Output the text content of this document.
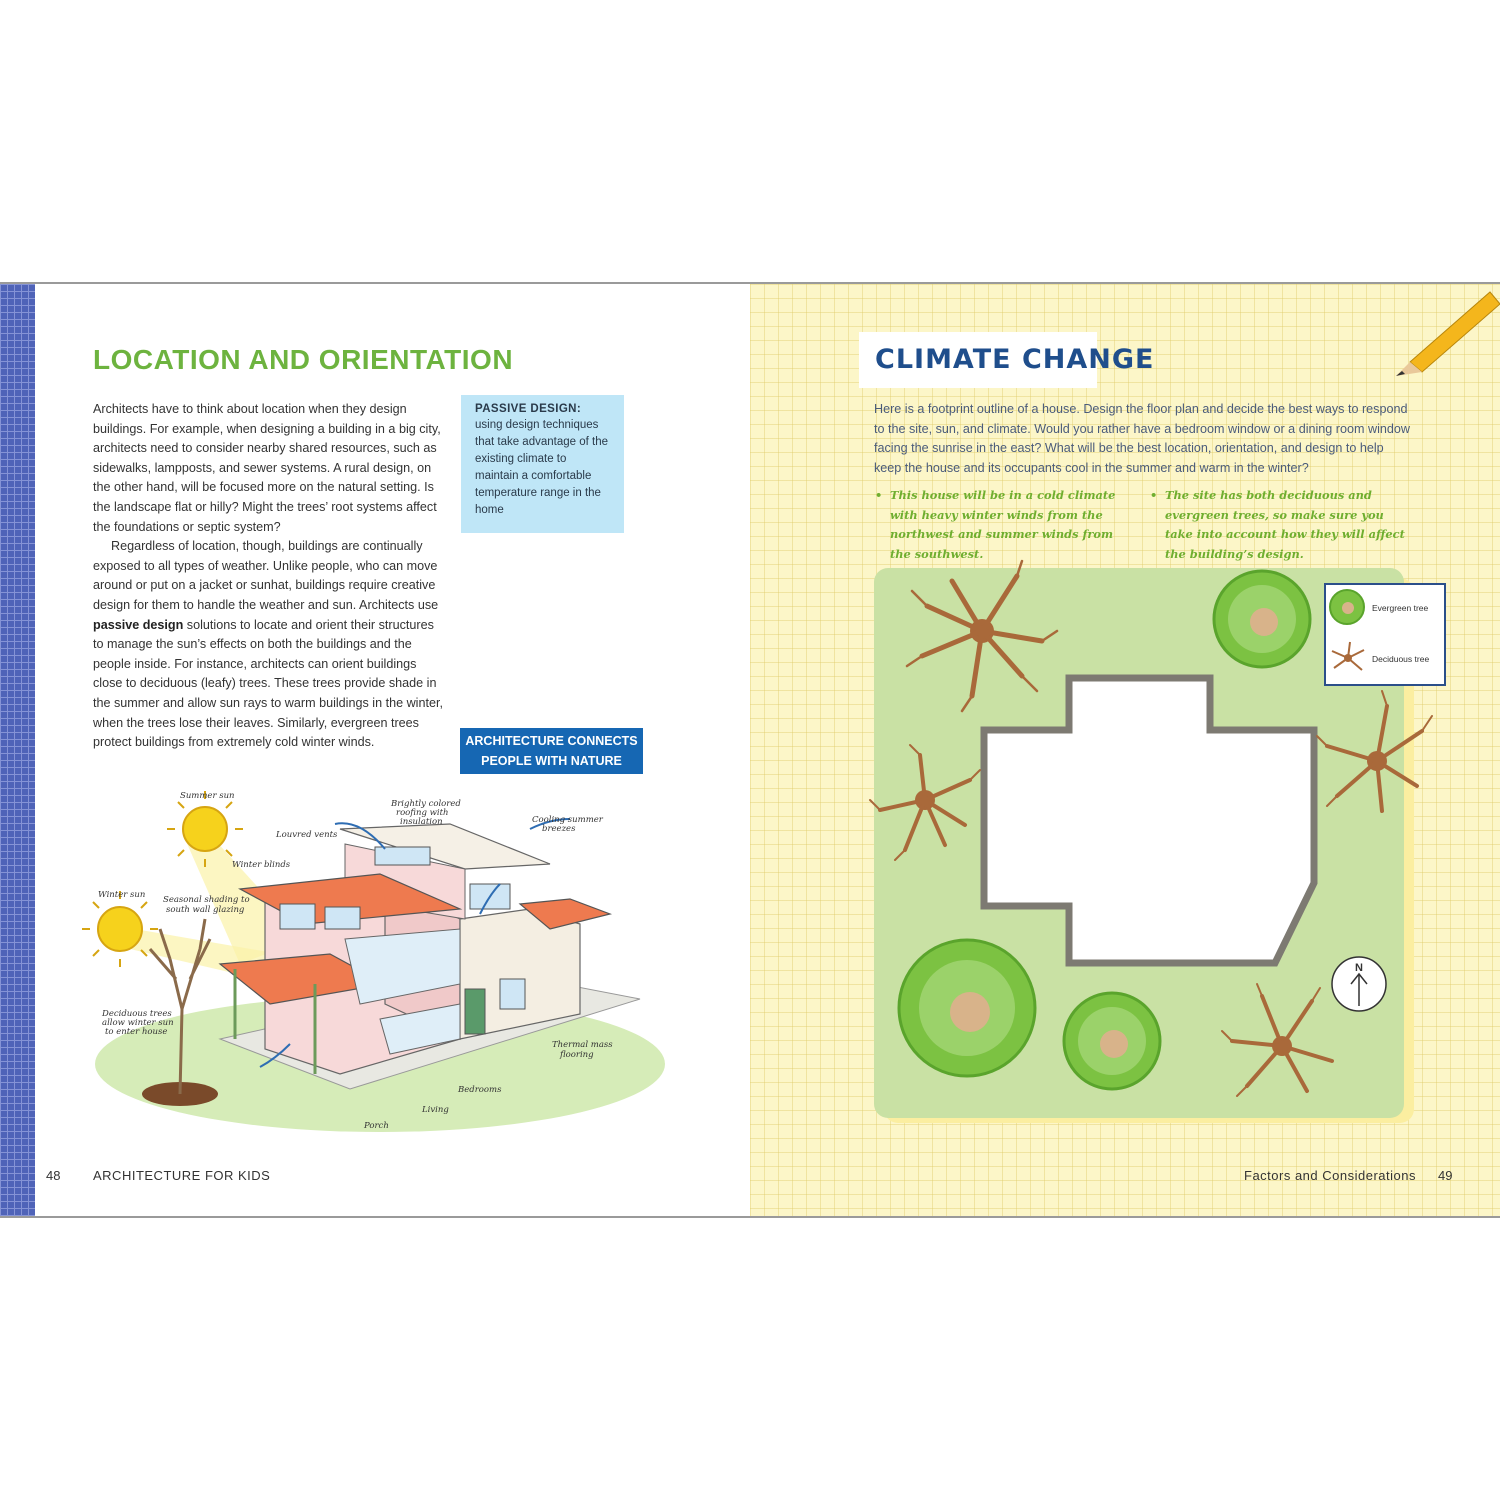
LOCATION AND ORIENTATION

Architects have to think about location when they design buildings. For example, when designing a building in a big city, architects need to consider nearby shared resources, such as sidewalks, lampposts, and sewer systems. A rural design, on the other hand, will be focused more on the natural setting. Is the landscape flat or hilly? Might the trees’ root systems affect the foundations or septic system?

Regardless of location, though, buildings are continually exposed to all types of weather. Unlike people, who can move around or put on a jacket or sunhat, buildings require creative design for them to handle the weather and sun. Architects use passive design solutions to locate and orient their structures to manage the sun’s effects on both the buildings and the people inside. For instance, architects can orient buildings close to deciduous (leafy) trees. These trees provide shade in the summer and allow sun rays to warm buildings in the winter, when the trees lose their leaves. Similarly, evergreen trees protect buildings from extremely cold winter winds.

PASSIVE DESIGN:
using design techniques that take advantage of the existing climate to maintain a comfortable temperature range in the home
ARCHITECTURE CONNECTS
PEOPLE WITH NATURE
Summer sun
Winter sun
Winter blinds
Seasonal shading to
south wall glazing
Louvred vents
Brightly colored
roofing with
insulation	Cooling summer
breezes
Deciduous trees
allow winter sun
to enter house
Thermal mass
flooring
Bedrooms
Living
Porch
48	ARCHITECTURE FOR KIDS
CLIMATE CHANGE

Here is a footprint outline of a house. Design the floor plan and decide the best ways to respond to the site, sun, and climate. Would you rather have a bedroom window or a dining room window facing the sunrise in the east? What will be the best location, orientation, and design to help keep the house and its occupants cool in the summer and warm in the winter?

• This house will be in a cold climate with heavy winter winds from the northwest and summer winds from the southwest.
• The site has both deciduous and evergreen trees, so make sure you take into account how they will affect the building’s design.
N
Evergreen tree
Deciduous tree
Factors and Considerations 49
